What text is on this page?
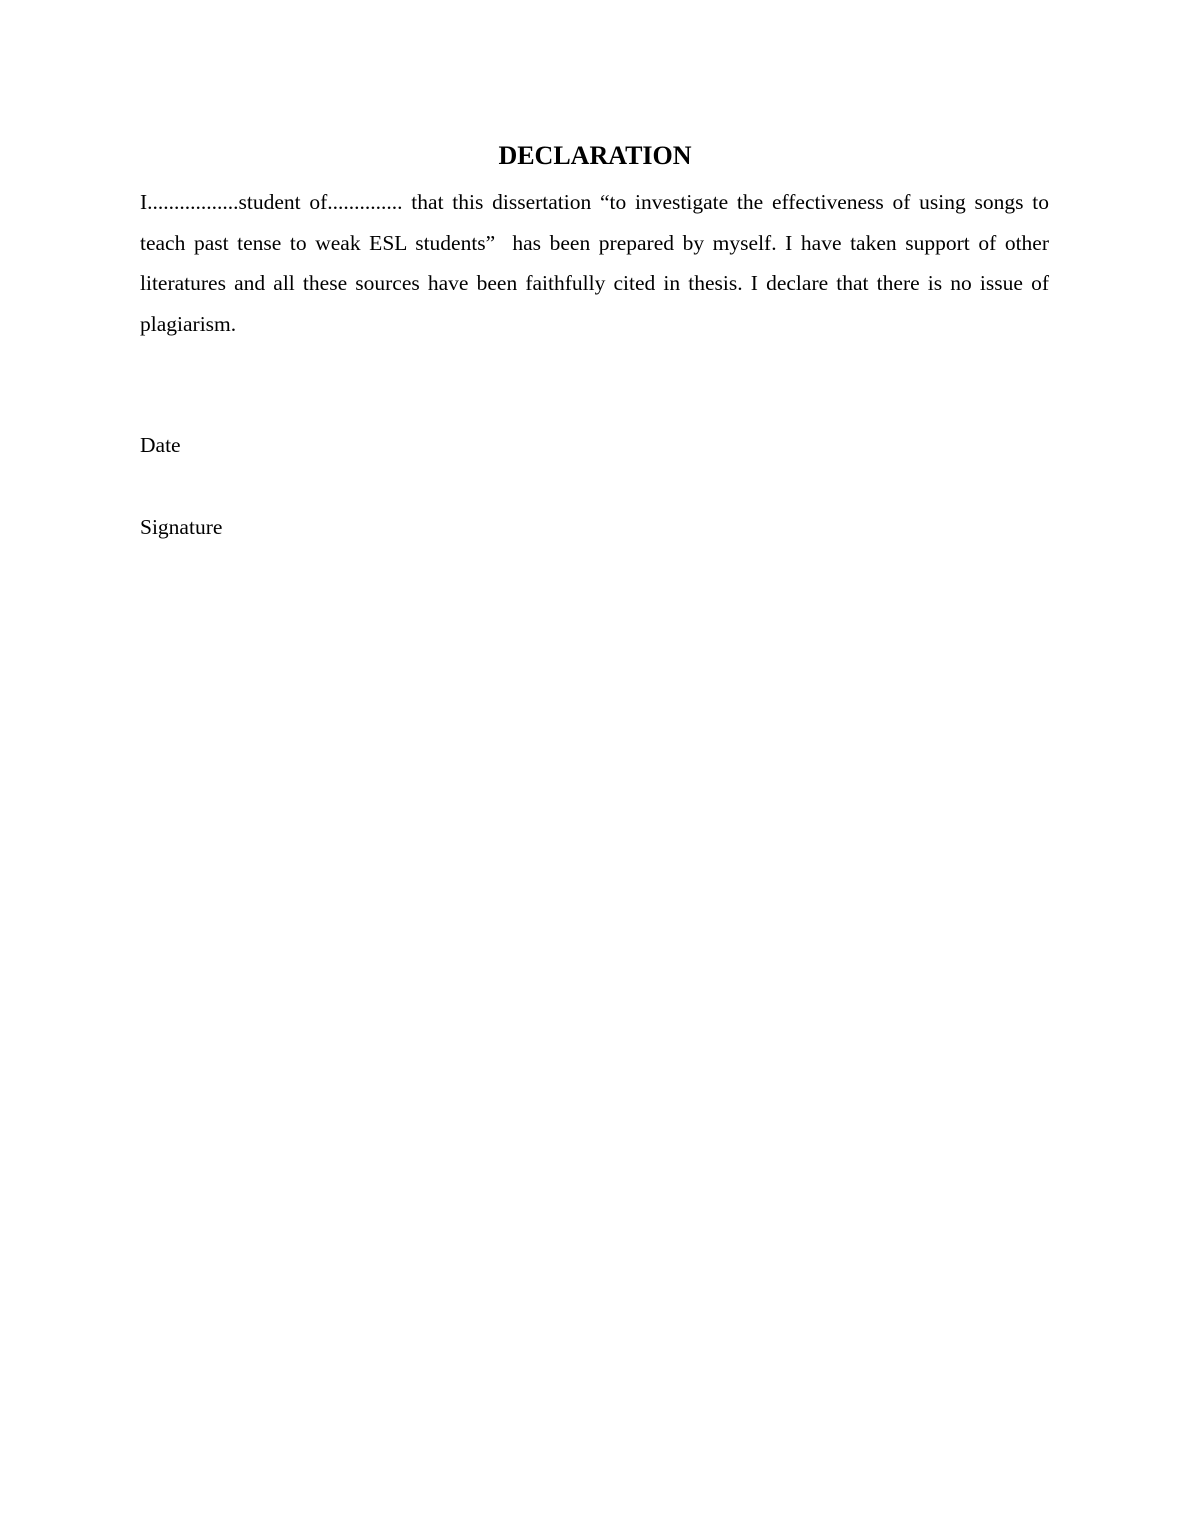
DECLARATION

I.................student of.............. that this dissertation “to investigate the effectiveness of using songs to teach past tense to weak ESL students”  has been prepared by myself. I have taken support of other literatures and all these sources have been faithfully cited in thesis. I declare that there is no issue of plagiarism.

Date

Signature
